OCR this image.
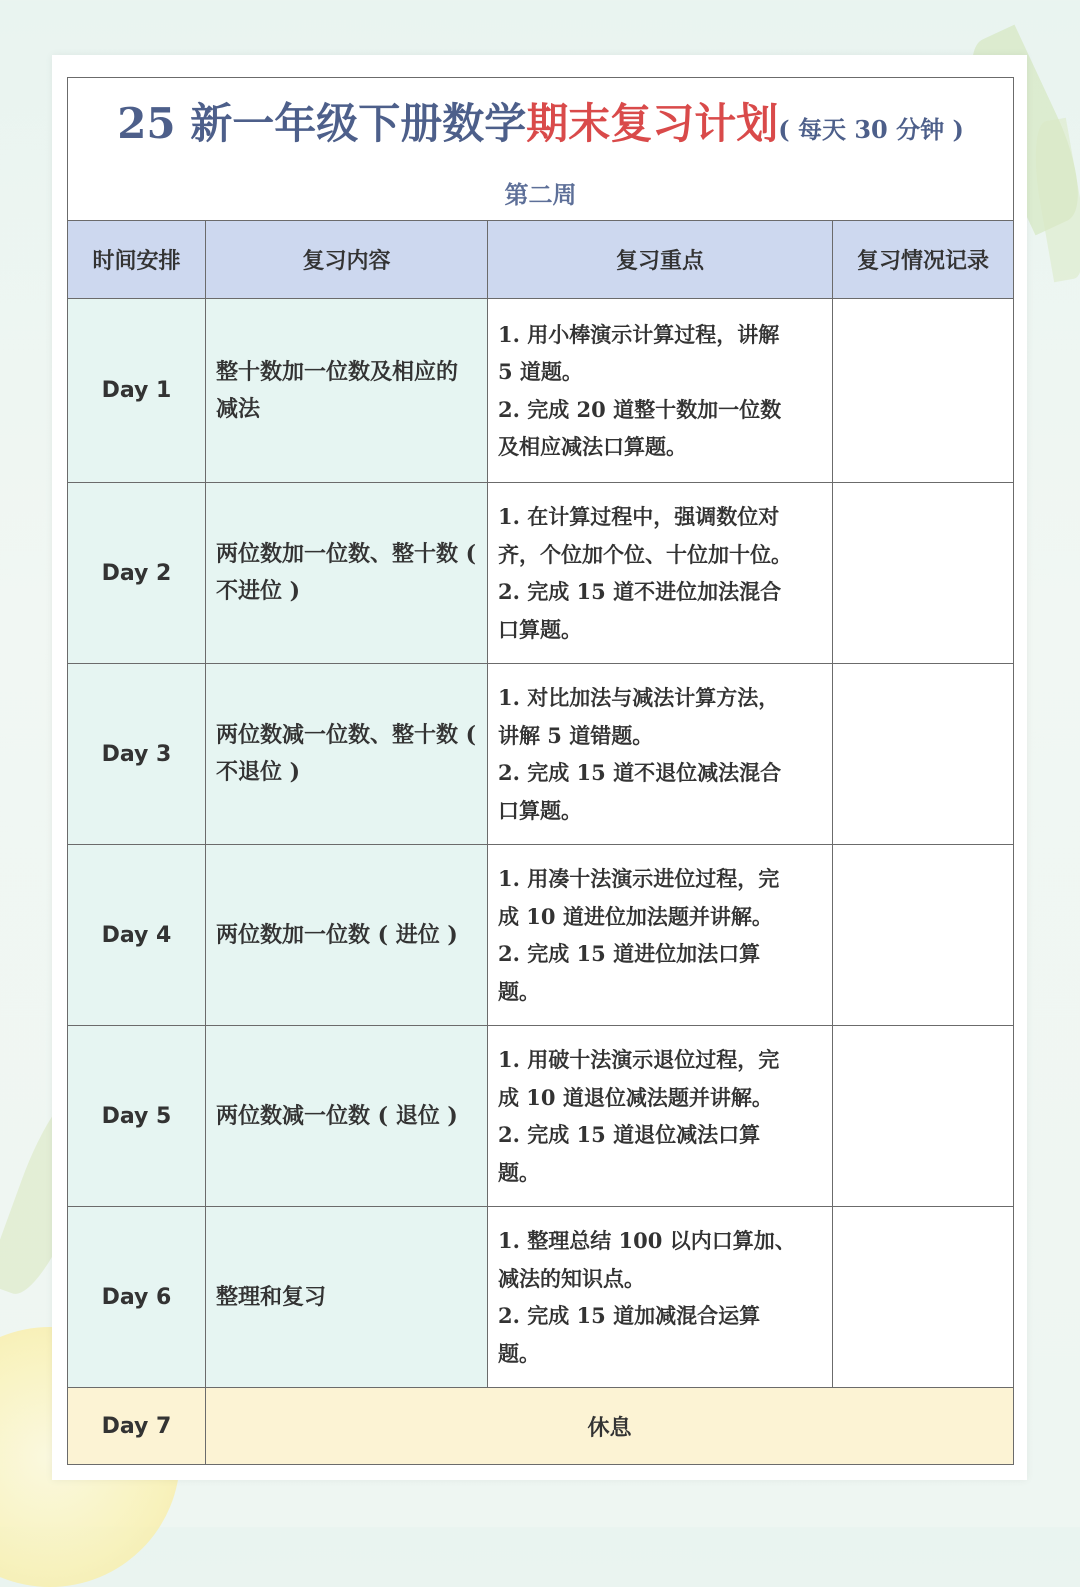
25 新一年级下册数学期末复习计划( 每天 30 分钟 )
第二周			

时间安排	复习内容	复习重点	复习情况记录
Day 1	整十数加一位数及相应的减法	1. 用小棒演示计算过程，讲解
5 道题。
2. 完成 20 道整十数加一位数
及相应减法口算题。	

Day 2	两位数加一位数、整十数 ( 不进位 )	1. 在计算过程中，强调数位对
齐，个位加个位、十位加十位。
2. 完成 15 道不进位加法混合
口算题。	

Day 3	两位数减一位数、整十数 ( 不退位 )	1. 对比加法与减法计算方法，
讲解 5 道错题。
2. 完成 15 道不退位减法混合
口算题。	

Day 4	两位数加一位数 ( 进位 )	1. 用凑十法演示进位过程，完
成 10 道进位加法题并讲解。
2. 完成 15 道进位加法口算
题。	

Day 5	两位数减一位数 ( 退位 )	1. 用破十法演示退位过程，完
成 10 道退位减法题并讲解。
2. 完成 15 道退位减法口算
题。	

Day 6	整理和复习	1. 整理总结 100 以内口算加、
减法的知识点。
2. 完成 15 道加减混合运算
题。	

Day 7	休息		
